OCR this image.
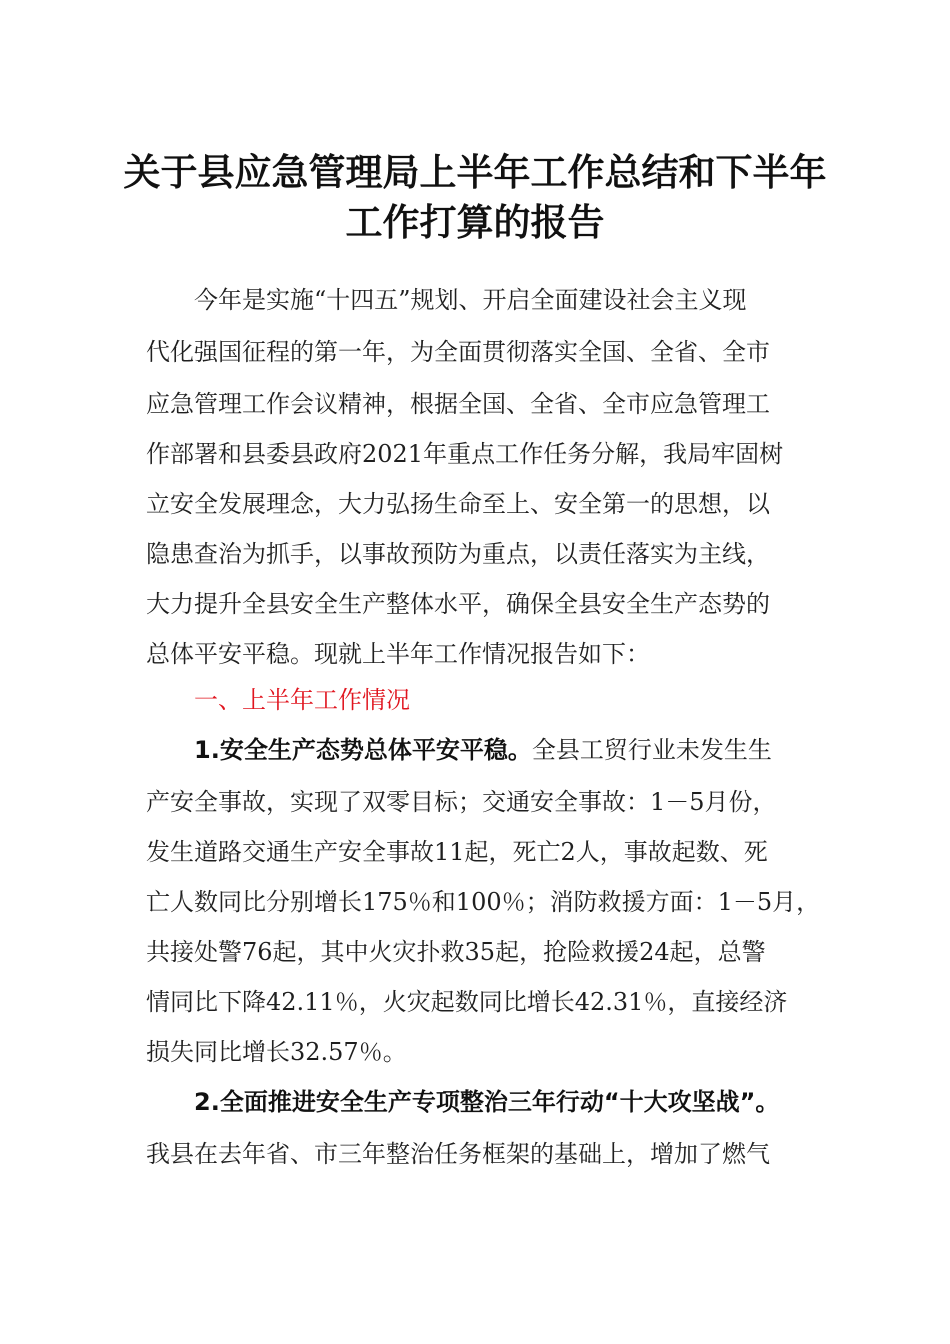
关于县应急管理局上半年工作总结和下半年
工作打算的报告
今年是实施“十四五”规划、开启全面建设社会主义现
代化强国征程的第一年，为全面贯彻落实全国、全省、全市
应急管理工作会议精神，根据全国、全省、全市应急管理工
作部署和县委县政府2021年重点工作任务分解，我局牢固树
立安全发展理念，大力弘扬生命至上、安全第一的思想，以
隐患查治为抓手，以事故预防为重点，以责任落实为主线，
大力提升全县安全生产整体水平，确保全县安全生产态势的
总体平安平稳。现就上半年工作情况报告如下：
一、上半年工作情况
1.安全生产态势总体平安平稳。全县工贸行业未发生生
产安全事故，实现了双零目标；交通安全事故：1－5月份，
发生道路交通生产安全事故11起，死亡2人，事故起数、死
亡人数同比分别增长175％和100％；消防救援方面：1－5月，
共接处警76起，其中火灾扑救35起，抢险救援24起，总警
情同比下降42.11％，火灾起数同比增长42.31％，直接经济
损失同比增长32.57％。
2.全面推进安全生产专项整治三年行动“十大攻坚战”。
我县在去年省、市三年整治任务框架的基础上，增加了燃气
